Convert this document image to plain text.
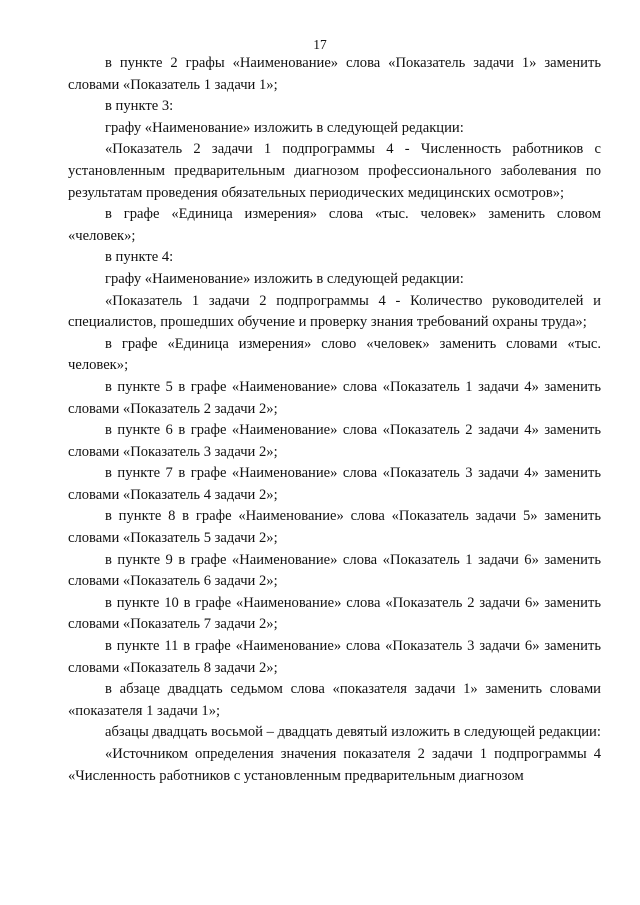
17

в пункте 2 графы «Наименование» слова «Показатель задачи 1» заменить словами «Показатель 1 задачи 1»;

в пункте 3:

графу «Наименование» изложить в следующей редакции:

«Показатель 2 задачи 1 подпрограммы 4 - Численность работников с установленным предварительным диагнозом профессионального заболевания по результатам проведения обязательных периодических медицинских осмотров»;

в графе «Единица измерения» слова «тыс. человек» заменить словом «человек»;

в пункте 4:

графу «Наименование» изложить в следующей редакции:

«Показатель 1 задачи 2 подпрограммы 4 - Количество руководителей и специалистов, прошедших обучение и проверку знания требований охраны труда»;

в графе «Единица измерения» слово «человек» заменить словами «тыс. человек»;

в пункте 5 в графе «Наименование» слова «Показатель 1 задачи 4» заменить словами «Показатель 2 задачи 2»;

в пункте 6 в графе «Наименование» слова «Показатель 2 задачи 4» заменить словами «Показатель 3 задачи 2»;

в пункте 7 в графе «Наименование» слова «Показатель 3 задачи 4» заменить словами «Показатель 4 задачи 2»;

в пункте 8 в графе «Наименование» слова «Показатель задачи 5» заменить словами «Показатель 5 задачи 2»;

в пункте 9 в графе «Наименование» слова «Показатель 1 задачи 6» заменить словами «Показатель 6 задачи 2»;

в пункте 10 в графе «Наименование» слова «Показатель 2 задачи 6» заменить словами «Показатель 7 задачи 2»;

в пункте 11 в графе «Наименование» слова «Показатель 3 задачи 6» заменить словами «Показатель 8 задачи 2»;

в абзаце двадцать седьмом слова «показателя задачи 1» заменить словами «показателя 1 задачи 1»;

абзацы двадцать восьмой – двадцать девятый изложить в следующей редакции:

«Источником определения значения показателя 2 задачи 1 подпрограммы 4 «Численность работников с установленным предварительным диагнозом
